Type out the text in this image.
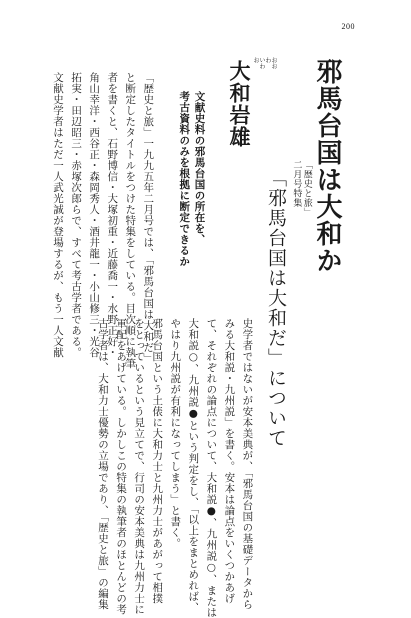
200
邪馬台国は大和か
「歴史と旅」
二月号特集
「邪馬台国は大和だ」について
おお
わ
いわ
お
大和岩雄
文献史料の邪馬台国の所在を、
考古資料のみを根拠に断定できるか
「歴史と旅」一九九五年二月号では、「邪馬台国は大和だ」
と断定したタイトルをつけた特集をしている。目次順に執筆
者を書くと、石野博信・大塚初重・近藤喬一・水野正好・
角山幸洋・西谷正・森岡秀人・酒井龍一・小山修三・光谷
拓実・田辺昭三・赤塚次郎らで、すべて考古学者である。
文献史学者はただ一人武光誠が登場するが、もう一人文献
史学者ではないが安本美典が、「邪馬台国の基礎データから
みる大和説・九州説」を書く。安本は論点をいくつかあげ
て、それぞれの論点について、大和説●、九州説○、または
大和説○、九州説●という判定をし、「以上をまとめれば、
やはり九州説が有利になってしまう」と書く。
邪馬台国という土俵に大和力士と九州力士があがって相撲
をとっているという見立てで、行司の安本美典は九州力士に
軍配をあげている。しかしこの特集の執筆者のほとんどの考
古学者は、大和力士優勢の立場であり、「歴史と旅」の編集
